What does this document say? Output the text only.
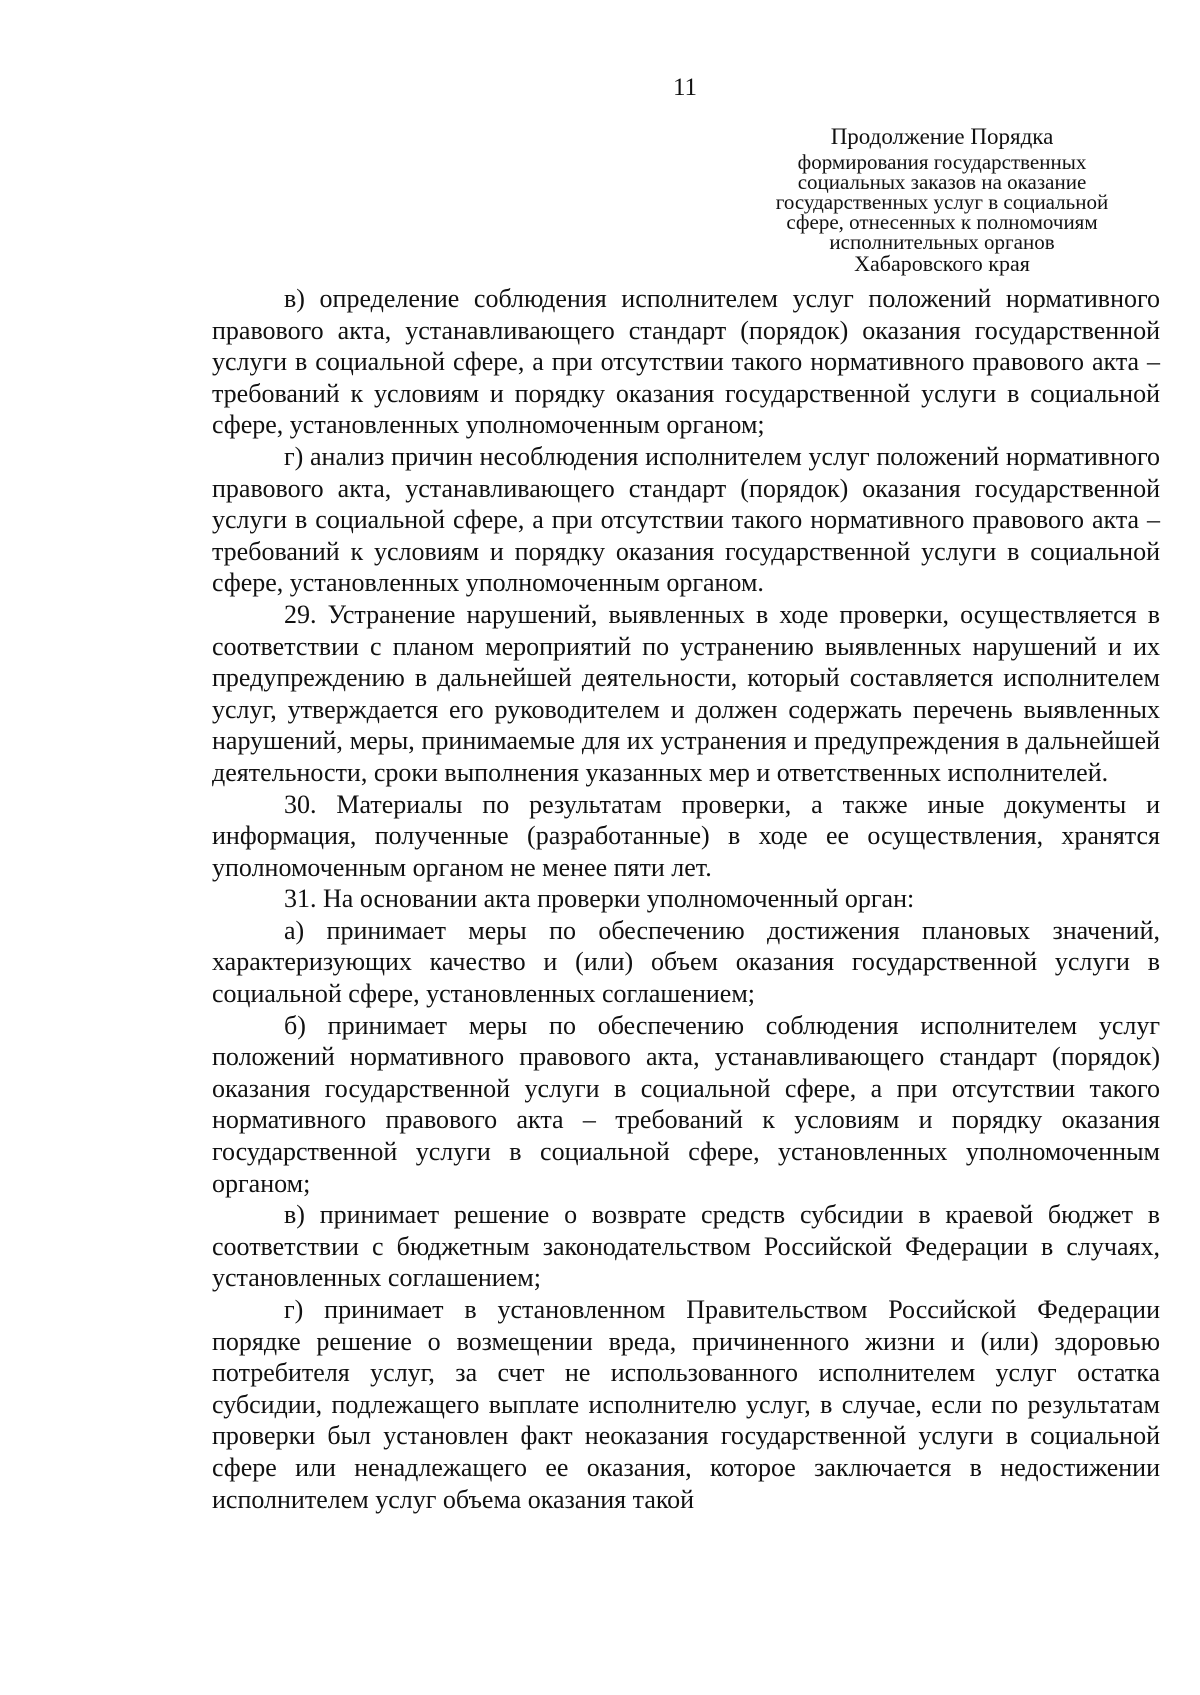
11
Продолжение Порядка
формирования государственных
социальных заказов на оказание
государственных услуг в социальной
сфере, отнесенных к полномочиям
исполнительных органов
Хабаровского края

в) определение соблюдения исполнителем услуг положений нормативного правового акта, устанавливающего стандарт (порядок) оказания государственной услуги в социальной сфере, а при отсутствии такого нормативного правового акта – требований к условиям и порядку оказания государственной услуги в социальной сфере, установленных уполномоченным органом;

г) анализ причин несоблюдения исполнителем услуг положений нормативного правового акта, устанавливающего стандарт (порядок) оказания государственной услуги в социальной сфере, а при отсутствии такого нормативного правового акта – требований к условиям и порядку оказания государственной услуги в социальной сфере, установленных уполномоченным органом.

29. Устранение нарушений, выявленных в ходе проверки, осуществляется в соответствии с планом мероприятий по устранению выявленных нарушений и их предупреждению в дальнейшей деятельности, который составляется исполнителем услуг, утверждается его руководителем и должен содержать перечень выявленных нарушений, меры, принимаемые для их устранения и предупреждения в дальнейшей деятельности, сроки выполнения указанных мер и ответственных исполнителей.

30. Материалы по результатам проверки, а также иные документы и информация, полученные (разработанные) в ходе ее осуществления, хранятся уполномоченным органом не менее пяти лет.

31. На основании акта проверки уполномоченный орган:

а) принимает меры по обеспечению достижения плановых значений, характеризующих качество и (или) объем оказания государственной услуги в социальной сфере, установленных соглашением;

б) принимает меры по обеспечению соблюдения исполнителем услуг положений нормативного правового акта, устанавливающего стандарт (порядок) оказания государственной услуги в социальной сфере, а при отсутствии такого нормативного правового акта – требований к условиям и порядку оказания государственной услуги в социальной сфере, установленных уполномоченным органом;

в) принимает решение о возврате средств субсидии в краевой бюджет в соответствии с бюджетным законодательством Российской Федерации в случаях, установленных соглашением;

г) принимает в установленном Правительством Российской Федерации порядке решение о возмещении вреда, причиненного жизни и (или) здоровью потребителя услуг, за счет не использованного исполнителем услуг остатка субсидии, подлежащего выплате исполнителю услуг, в случае, если по результатам проверки был установлен факт неоказания государственной услуги в социальной сфере или ненадлежащего ее оказания, которое заключается в недостижении исполнителем услуг объема оказания такой
